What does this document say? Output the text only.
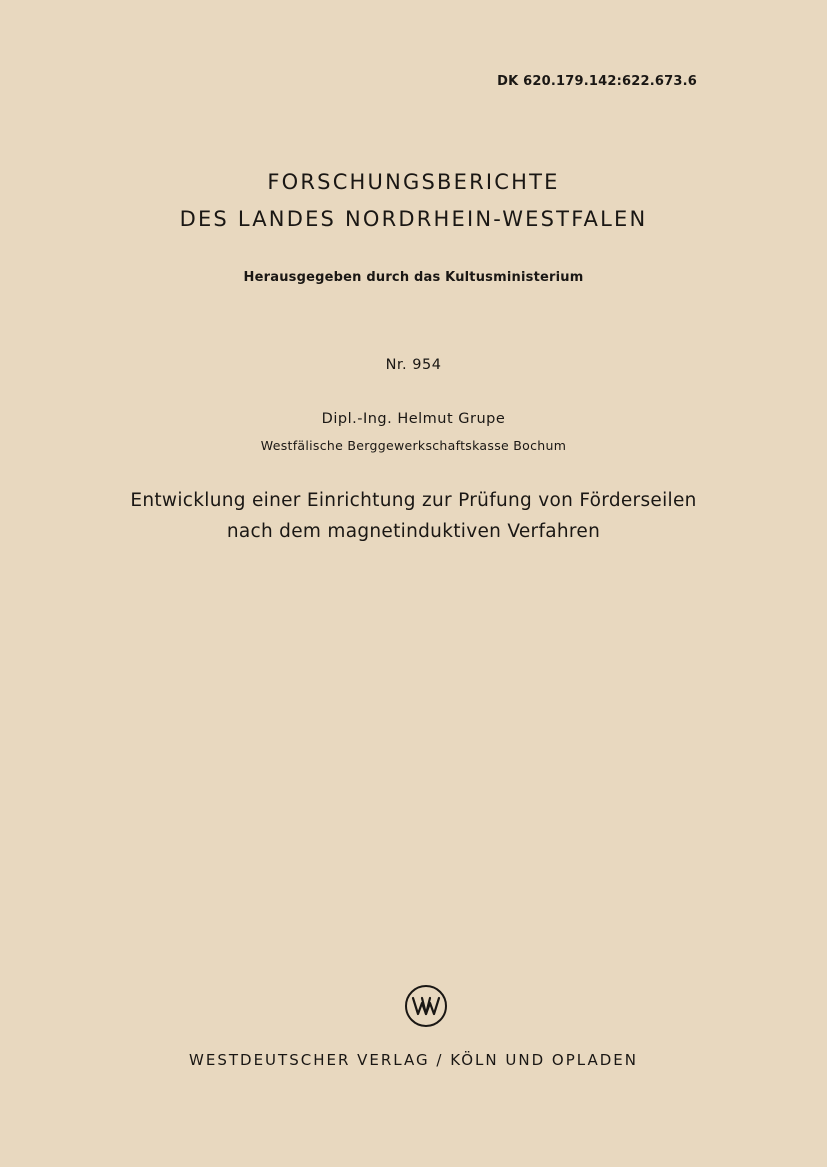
DK 620.179.142:622.673.6
FORSCHUNGSBERICHTE
DES LANDES NORDRHEIN-WESTFALEN
Herausgegeben durch das Kultusministerium
Nr. 954
Dipl.-Ing. Helmut Grupe
Westfälische Berggewerkschaftskasse Bochum
Entwicklung einer Einrichtung zur Prüfung von Förderseilen
nach dem magnetinduktiven Verfahren
WESTDEUTSCHER VERLAG / KÖLN UND OPLADEN
